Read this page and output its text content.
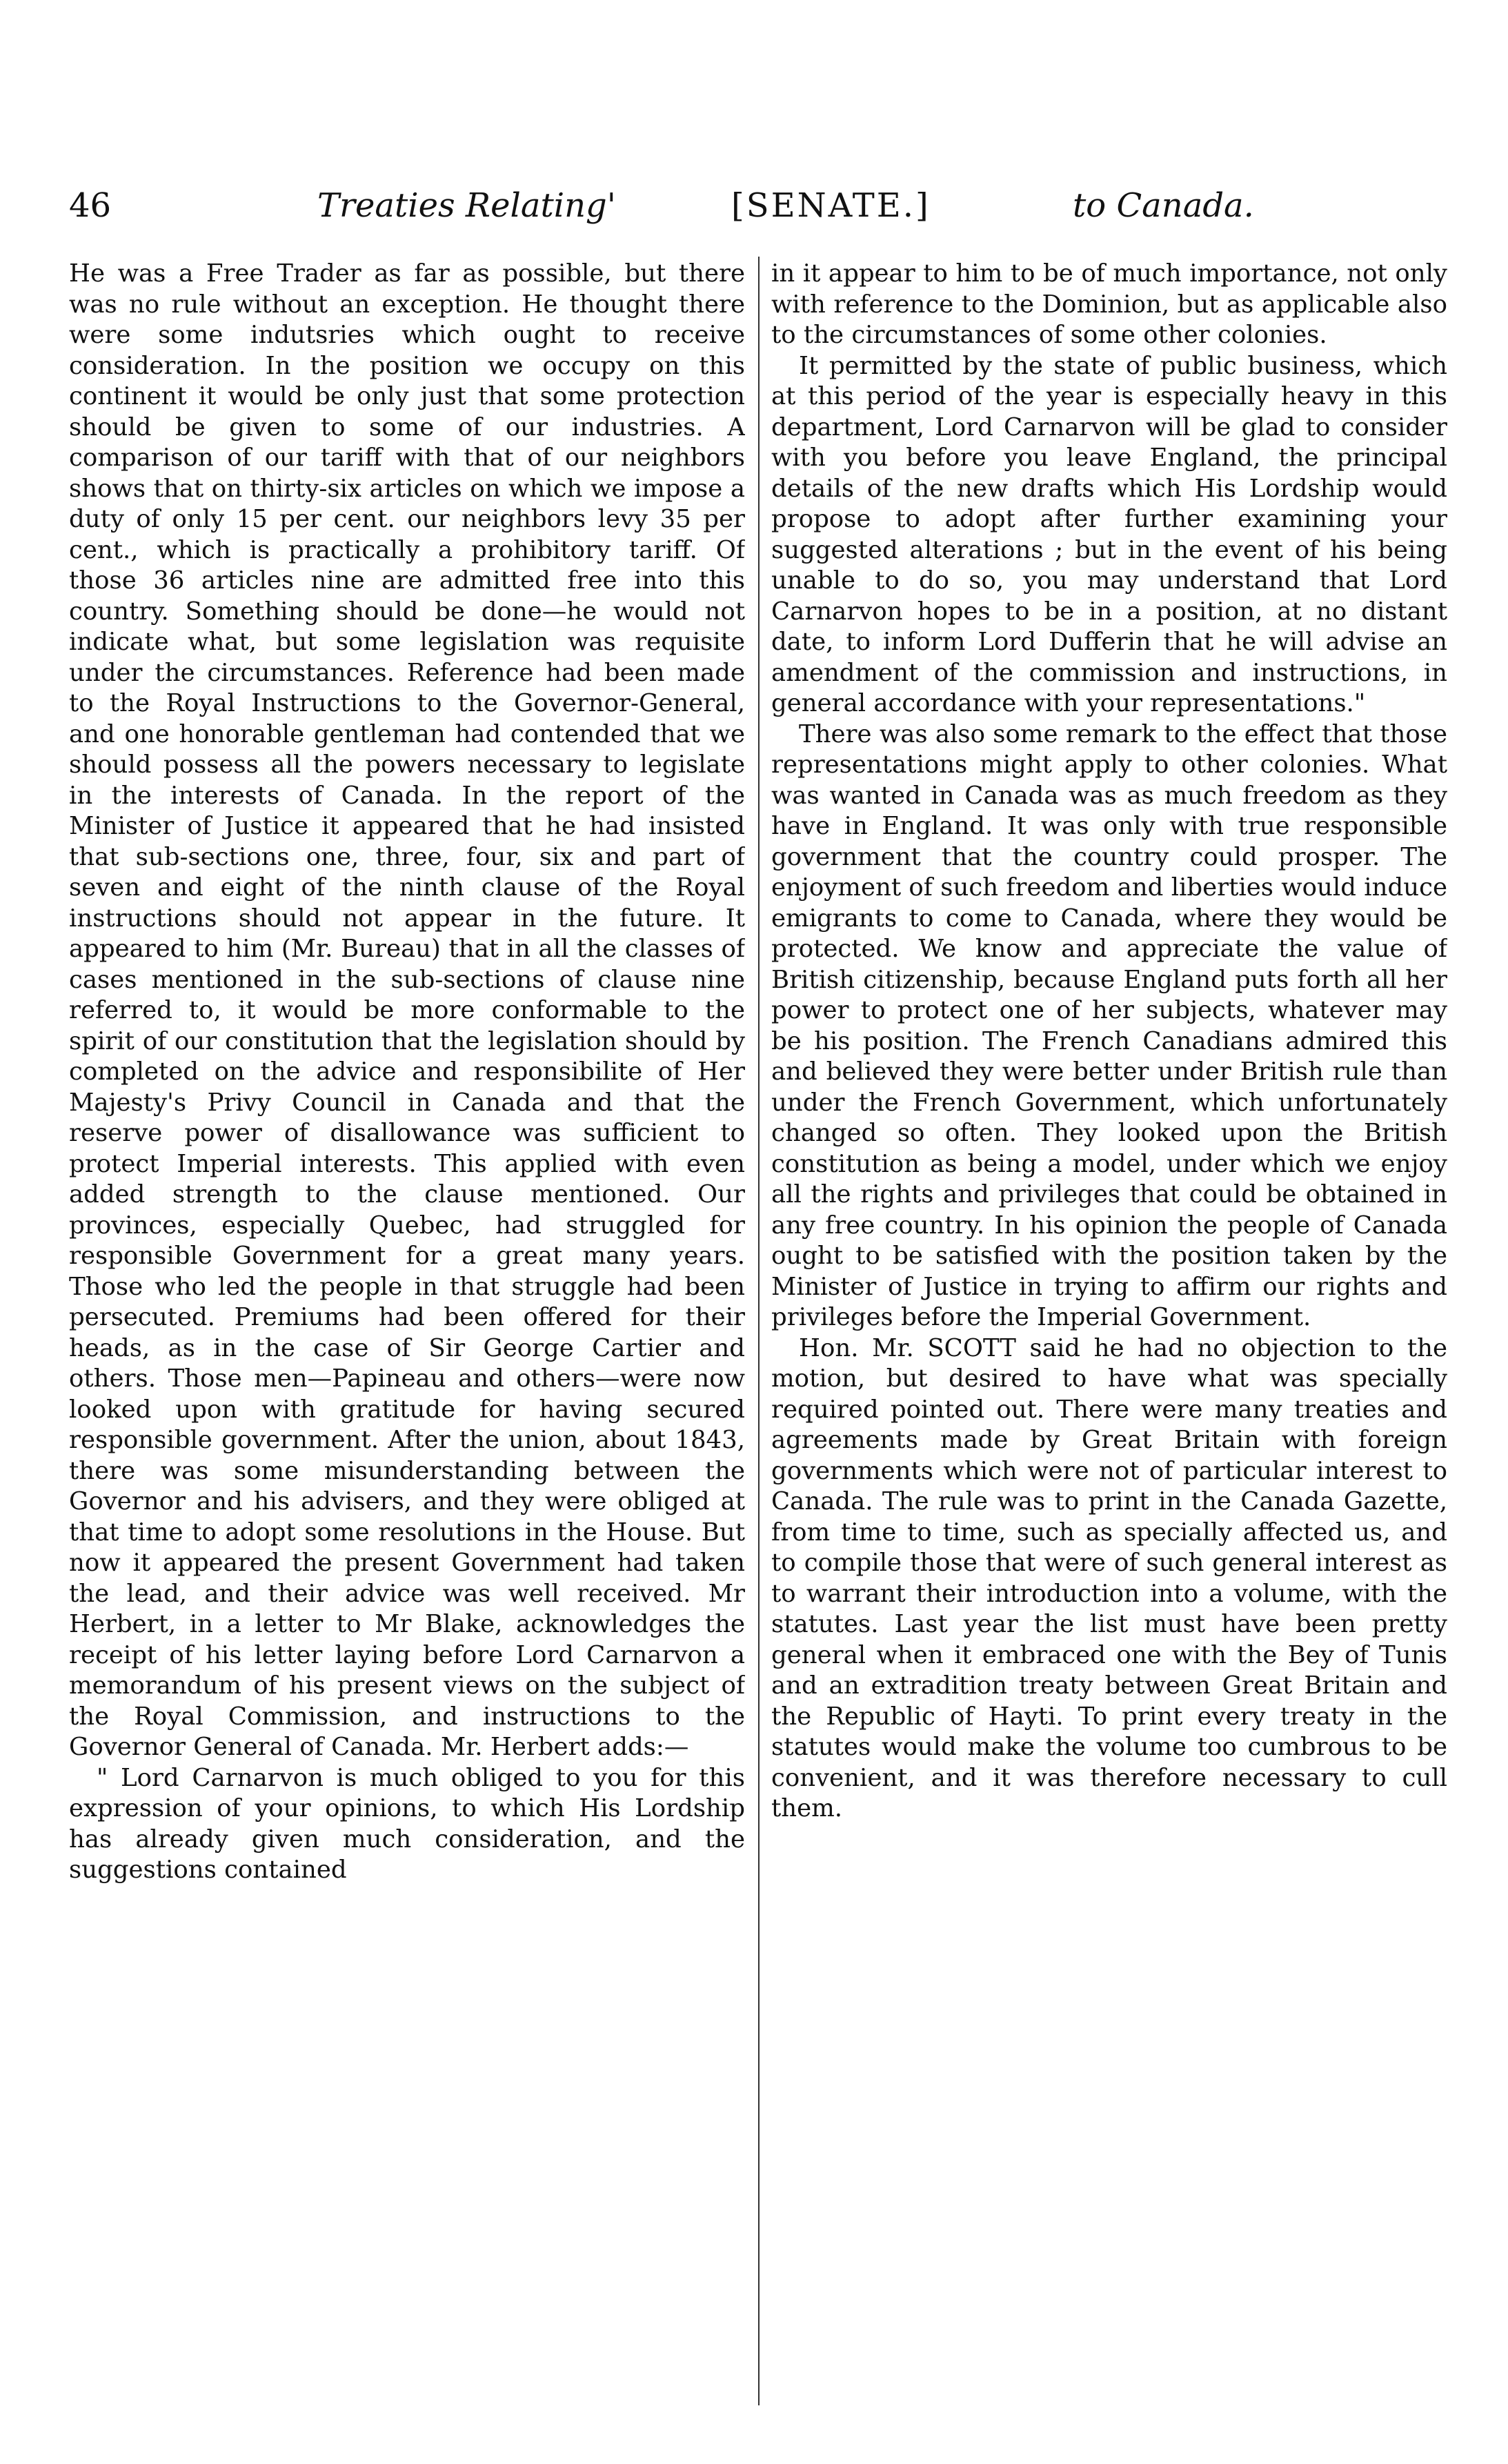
46	Treaties Relating'	[SENATE.]	to Canada.

He was a Free Trader as far as possible, but there was no rule without an exception. He thought there were some indutsries which ought to receive consideration. In the position we occupy on this continent it would be only just that some protection should be given to some of our industries. A comparison of our tariff with that of our neighbors shows that on thirty-six articles on which we impose a duty of only 15 per cent. our neighbors levy 35 per cent., which is practically a prohibitory tariff. Of those 36 articles nine are admitted free into this country. Something should be done—he would not indicate what, but some legislation was requisite under the circumstances. Reference had been made to the Royal Instructions to the Governor-General, and one honorable gentleman had contended that we should possess all the powers necessary to legislate in the interests of Canada. In the report of the Minister of Justice it appeared that he had insisted that sub-sections one, three, four, six and part of seven and eight of the ninth clause of the Royal instructions should not appear in the future. It appeared to him (Mr. Bureau) that in all the classes of cases mentioned in the sub-sections of clause nine referred to, it would be more conformable to the spirit of our constitution that the legislation should by completed on the advice and responsibilite of Her Majesty's Privy Council in Canada and that the reserve power of disallowance was sufficient to protect Imperial interests. This applied with even added strength to the clause mentioned. Our provinces, especially Quebec, had struggled for responsible Government for a great many years. Those who led the people in that struggle had been persecuted. Premiums had been offered for their heads, as in the case of Sir George Cartier and others. Those men—Papineau and others—were now looked upon with gratitude for having secured responsible government. After the union, about 1843, there was some misunderstanding between the Governor and his advisers, and they were obliged at that time to adopt some resolutions in the House. But now it appeared the present Government had taken the lead, and their advice was well received. Mr Herbert, in a letter to Mr Blake, acknowledges the receipt of his letter laying before Lord Carnarvon a memorandum of his present views on the subject of the Royal Commission, and instructions to the Governor General of Canada. Mr. Herbert adds:—

" Lord Carnarvon is much obliged to you for this expression of your opinions, to which His Lordship has already given much consideration, and the suggestions contained

in it appear to him to be of much importance, not only with reference to the Dominion, but as applicable also to the circumstances of some other colonies.

It permitted by the state of public business, which at this period of the year is especially heavy in this department, Lord Carnarvon will be glad to consider with you before you leave England, the principal details of the new drafts which His Lordship would propose to adopt after further examining your suggested alterations ; but in the event of his being unable to do so, you may understand that Lord Carnarvon hopes to be in a position, at no distant date, to inform Lord Dufferin that he will advise an amendment of the commission and instructions, in general accordance with your representations."

There was also some remark to the effect that those representations might apply to other colonies. What was wanted in Canada was as much freedom as they have in England. It was only with true responsible government that the country could prosper. The enjoyment of such freedom and liberties would induce emigrants to come to Canada, where they would be protected. We know and appreciate the value of British citizenship, because England puts forth all her power to protect one of her subjects, whatever may be his position. The French Canadians admired this and believed they were better under British rule than under the French Government, which unfortunately changed so often. They looked upon the British constitution as being a model, under which we enjoy all the rights and privileges that could be obtained in any free country. In his opinion the people of Canada ought to be satisfied with the position taken by the Minister of Justice in trying to affirm our rights and privileges before the Imperial Government.

Hon. Mr. SCOTT said he had no objection to the motion, but desired to have what was specially required pointed out. There were many treaties and agreements made by Great Britain with foreign governments which were not of particular interest to Canada. The rule was to print in the Canada Gazette, from time to time, such as specially affected us, and to compile those that were of such general interest as to warrant their introduction into a volume, with the statutes. Last year the list must have been pretty general when it embraced one with the Bey of Tunis and an extradition treaty between Great Britain and the Republic of Hayti. To print every treaty in the statutes would make the volume too cumbrous to be convenient, and it was therefore necessary to cull them.
